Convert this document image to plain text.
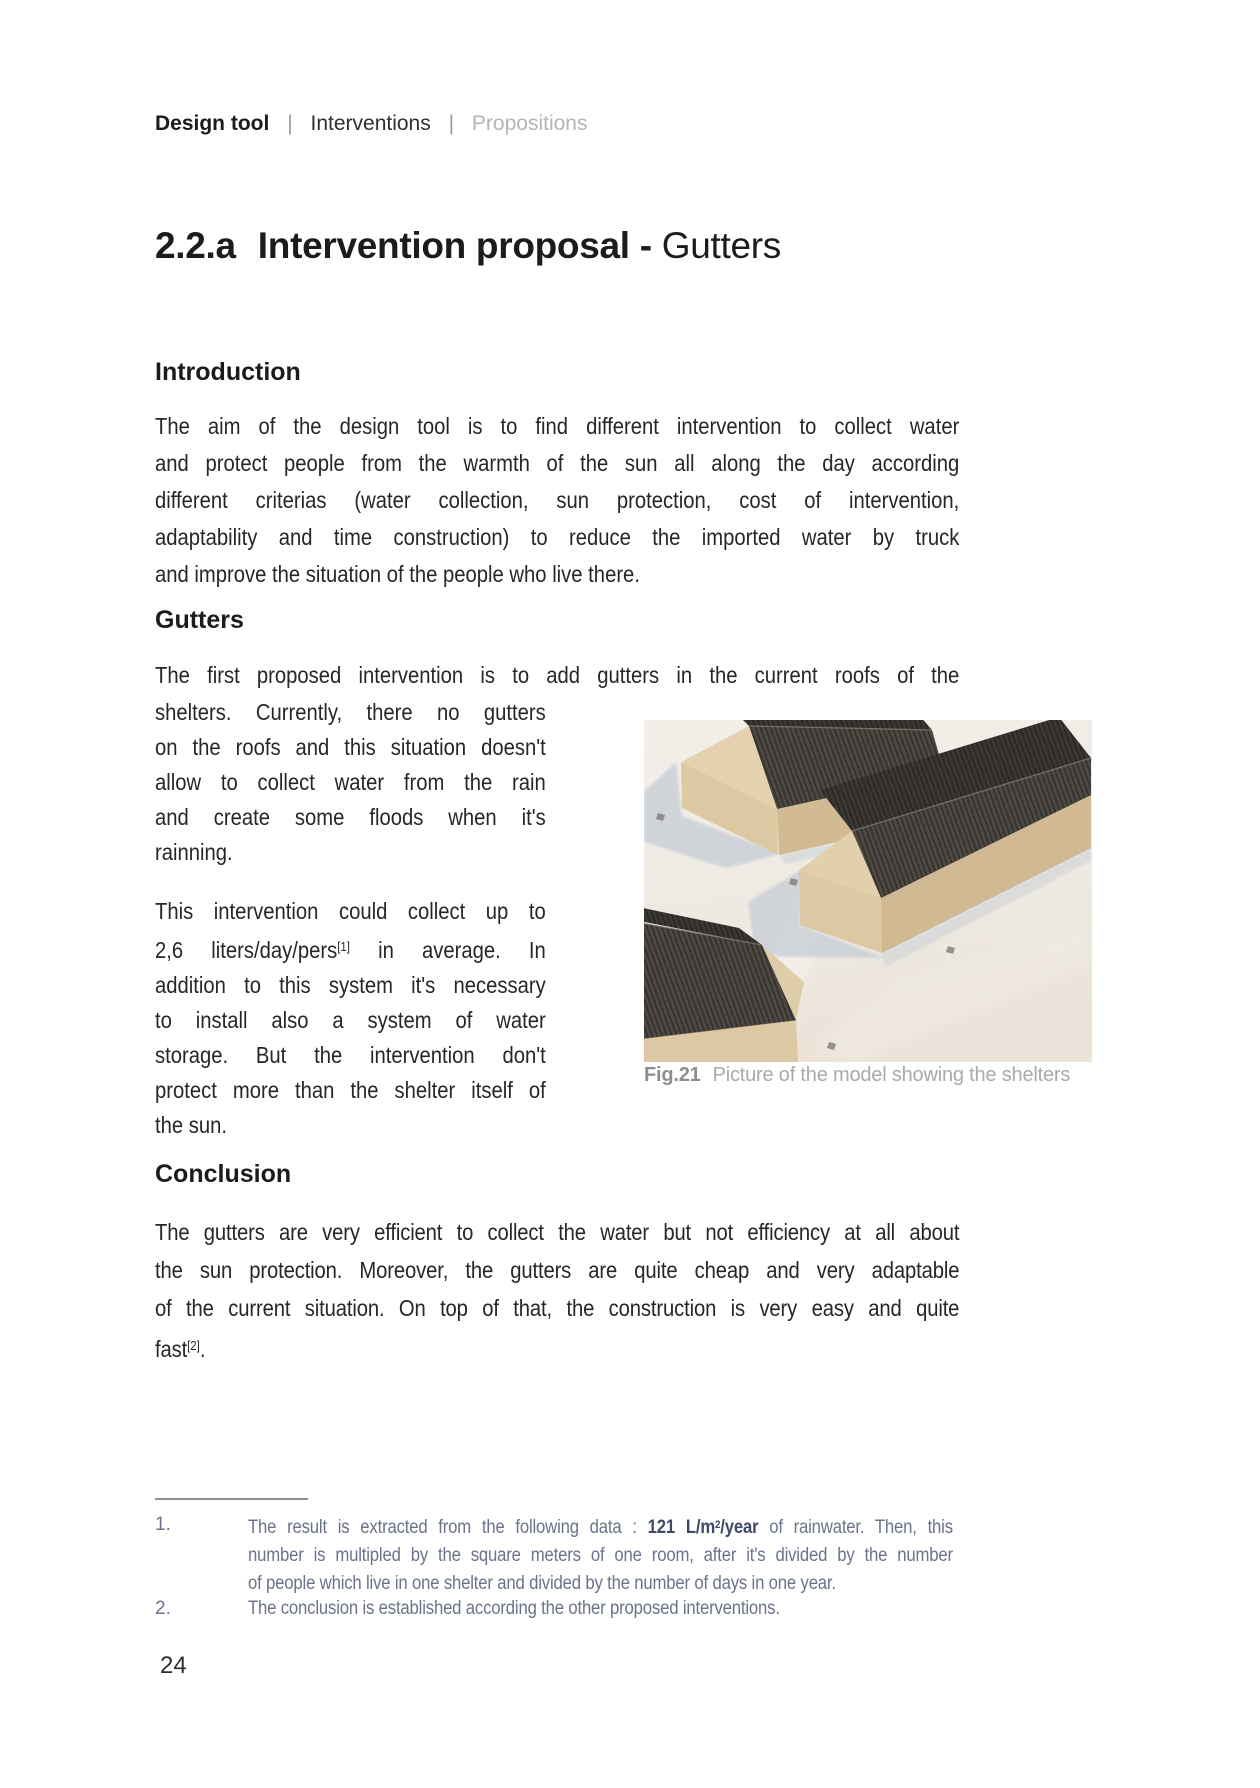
Design tool | Interventions | Propositions
2.2.a Intervention proposal - Gutters
Introduction
The aim of the design tool is to find different intervention to collect water
and protect people from the warmth of the sun all along the day according
different criterias (water collection, sun protection, cost of intervention,
adaptability and time construction) to reduce the imported water by truck
and improve the situation of the people who live there.
Gutters
The first proposed intervention is to add gutters in the current roofs of the
shelters. Currently, there no gutters
on the roofs and this situation doesn't
allow to collect water from the rain
and create some floods when it's
rainning.
This intervention could collect up to
2,6 liters/day/pers[1] in average. In
addition to this system it's necessary
to install also a system of water
storage. But the intervention don't
protect more than the shelter itself of
the sun.
Fig.21 Picture of the model showing the shelters
Conclusion
The gutters are very efficient to collect the water but not efficiency at all about
the sun protection. Moreover, the gutters are quite cheap and very adaptable
of the current situation. On top of that, the construction is very easy and quite
fast[2].
1.	The result is extracted from the following data : 121 L/m$^2$/year of rainwater. Then, this
number is multipled by the square meters of one room, after it's divided by the number
of people which live in one shelter and divided by the number of days in one year.
2.	The conclusion is established according the other proposed interventions.
24
